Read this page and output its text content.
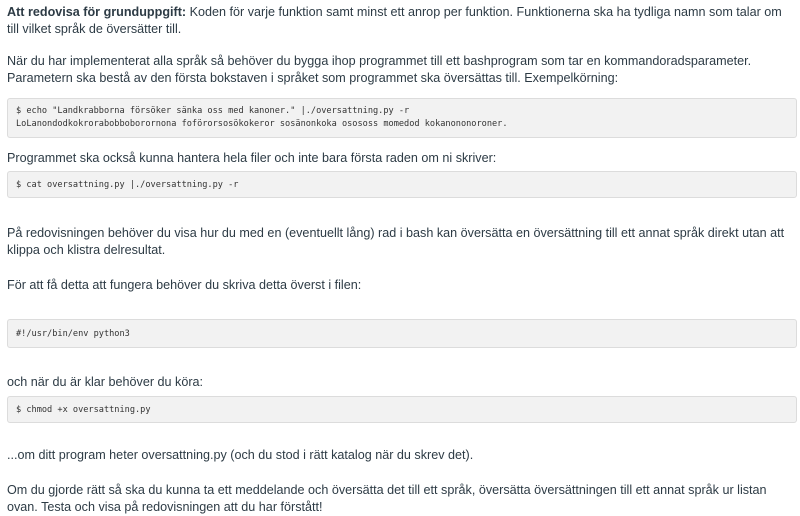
Att redovisa för grunduppgift: Koden för varje funktion samt minst ett anrop per funktion. Funktionerna ska ha tydliga namn som talar om till vilket språk de översätter till.

När du har implementerat alla språk så behöver du bygga ihop programmet till ett bashprogram som tar en kommandoradsparameter. Parametern ska bestå av den första bokstaven i språket som programmet ska översättas till. Exempelkörning:

$ echo "Landkrabborna försöker sänka oss med kanoner." |./oversattning.py -r
LoLanondodkokrorabobboborornona foförorsosökokeror sosänonkoka osososs momedod kokanononoroner.

Programmet ska också kunna hantera hela filer och inte bara första raden om ni skriver:

$ cat oversattning.py |./oversattning.py -r

På redovisningen behöver du visa hur du med en (eventuellt lång) rad i bash kan översätta en översättning till ett annat språk direkt utan att klippa och klistra delresultat.

För att få detta att fungera behöver du skriva detta överst i filen:

#!/usr/bin/env python3

och när du är klar behöver du köra:

$ chmod +x oversattning.py

...om ditt program heter oversattning.py (och du stod i rätt katalog när du skrev det).

Om du gjorde rätt så ska du kunna ta ett meddelande och översätta det till ett språk, översätta översättningen till ett annat språk ur listan ovan. Testa och visa på redovisningen att du har förstått!
